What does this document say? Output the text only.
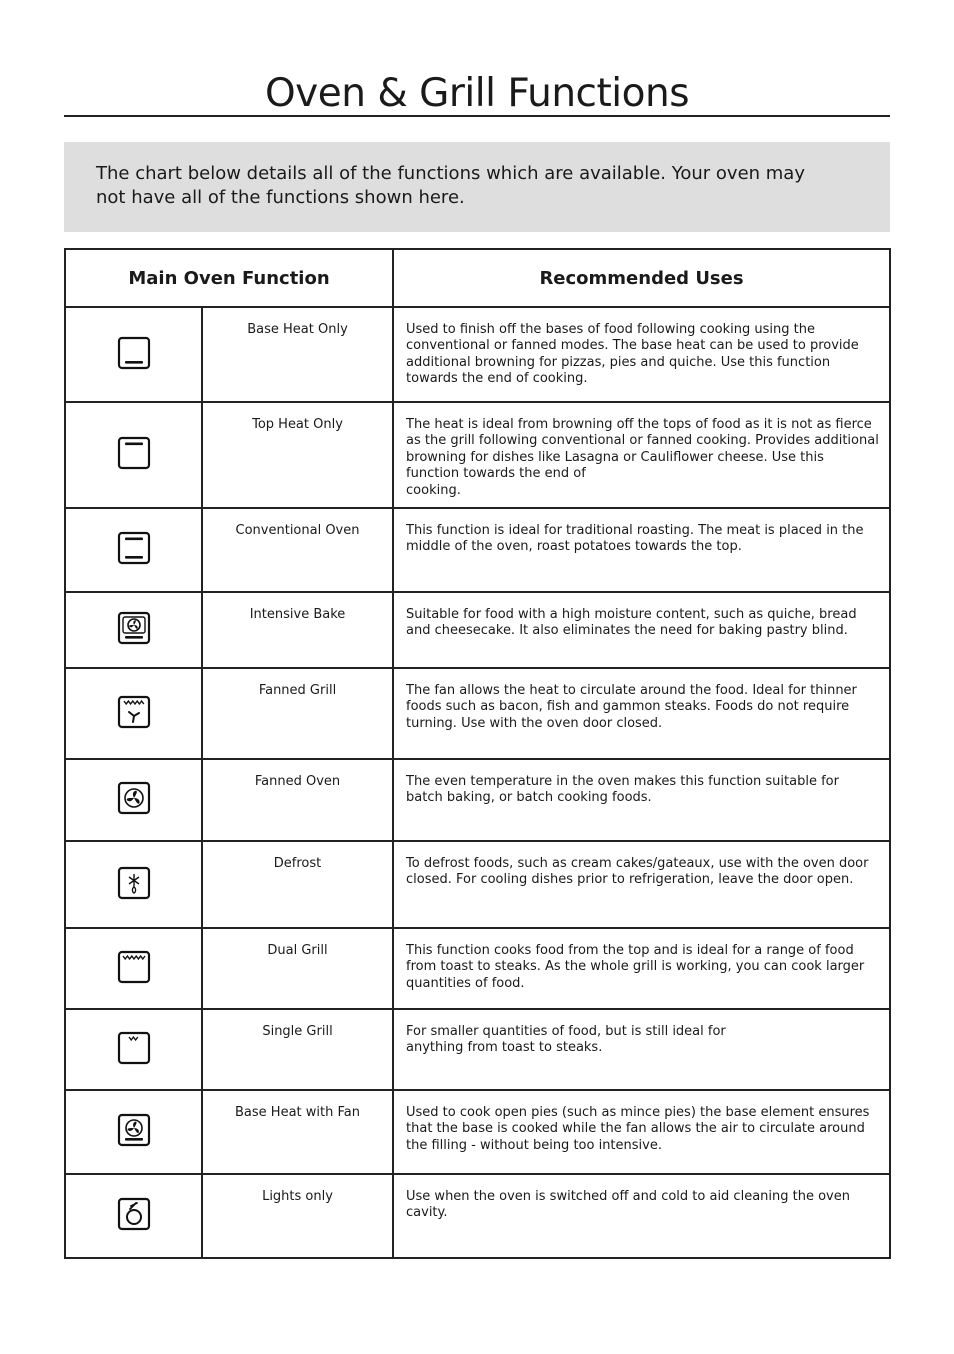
Oven & Grill Functions
The chart below details all of the functions which are available. Your oven may not have all of the functions shown here.
Main Oven Function		Recommended Uses
	Base Heat Only	Used to finish off the bases of food following cooking using the conventional or fanned modes. The base heat can be used to provide additional browning for pizzas, pies and quiche. Use this function towards the end of cooking.
	Top Heat Only	The heat is ideal from browning off the tops of food as it is not as fierce as the grill following conventional or fanned cooking. Provides additional browning for dishes like Lasagna or Cauliflower cheese. Use this function towards the end of
cooking.
	Conventional Oven	This function is ideal for traditional roasting. The meat is placed in the middle of the oven, roast potatoes towards the top.
	Intensive Bake	Suitable for food with a high moisture content, such as quiche, bread and cheesecake. It also eliminates the need for baking pastry blind.
	Fanned Grill	The fan allows the heat to circulate around the food. Ideal for thinner foods such as bacon, fish and gammon steaks. Foods do not require turning. Use with the oven door closed.
	Fanned Oven	The even temperature in the oven makes this function suitable for batch baking, or batch cooking foods.
	Defrost	To defrost foods, such as cream cakes/gateaux, use with the oven door closed. For cooling dishes prior to refrigeration, leave the door open.
	Dual Grill	This function cooks food from the top and is ideal for a range of food from toast to steaks. As the whole grill is working, you can cook larger quantities of food.
	Single Grill	For smaller quantities of food, but is still ideal for
anything from toast to steaks.
	Base Heat with Fan	Used to cook open pies (such as mince pies) the base element ensures that the base is cooked while the fan allows the air to circulate around the filling - without being too intensive.
	Lights only	Use when the oven is switched off and cold to aid cleaning the oven cavity.
